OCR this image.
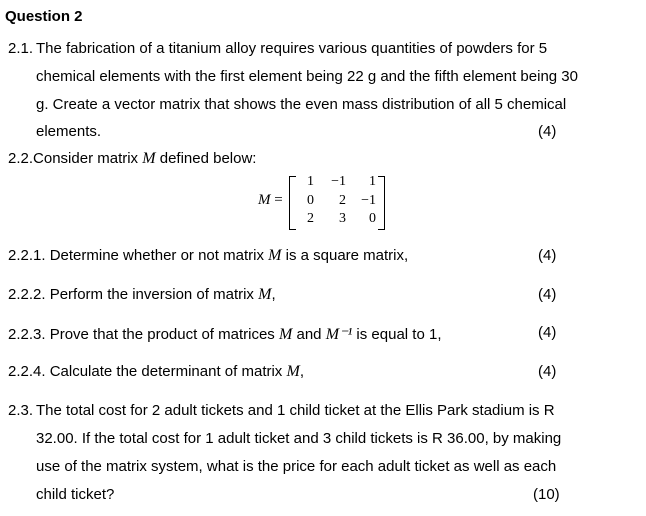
Question 2
2.1. The fabrication of a titanium alloy requires various quantities of powders for 5
chemical elements with the first element being 22 g and the fifth element being 30
g. Create a vector matrix that shows the even mass distribution of all 5 chemical
elements.	(4)
2.2.Consider matrix M defined below:
M =
1	−1	1
0	2	−1
2	3	0
2.2.1. Determine whether or not matrix M is a square matrix,	(4)
2.2.2. Perform the inversion of matrix M,	(4)
2.2.3. Prove that the product of matrices M and M⁻¹ is equal to 1,	(4)
2.2.4. Calculate the determinant of matrix M,	(4)
2.3. The total cost for 2 adult tickets and 1 child ticket at the Ellis Park stadium is R
32.00. If the total cost for 1 adult ticket and 3 child tickets is R 36.00, by making
use of the matrix system, what is the price for each adult ticket as well as each
child ticket?	(10)
